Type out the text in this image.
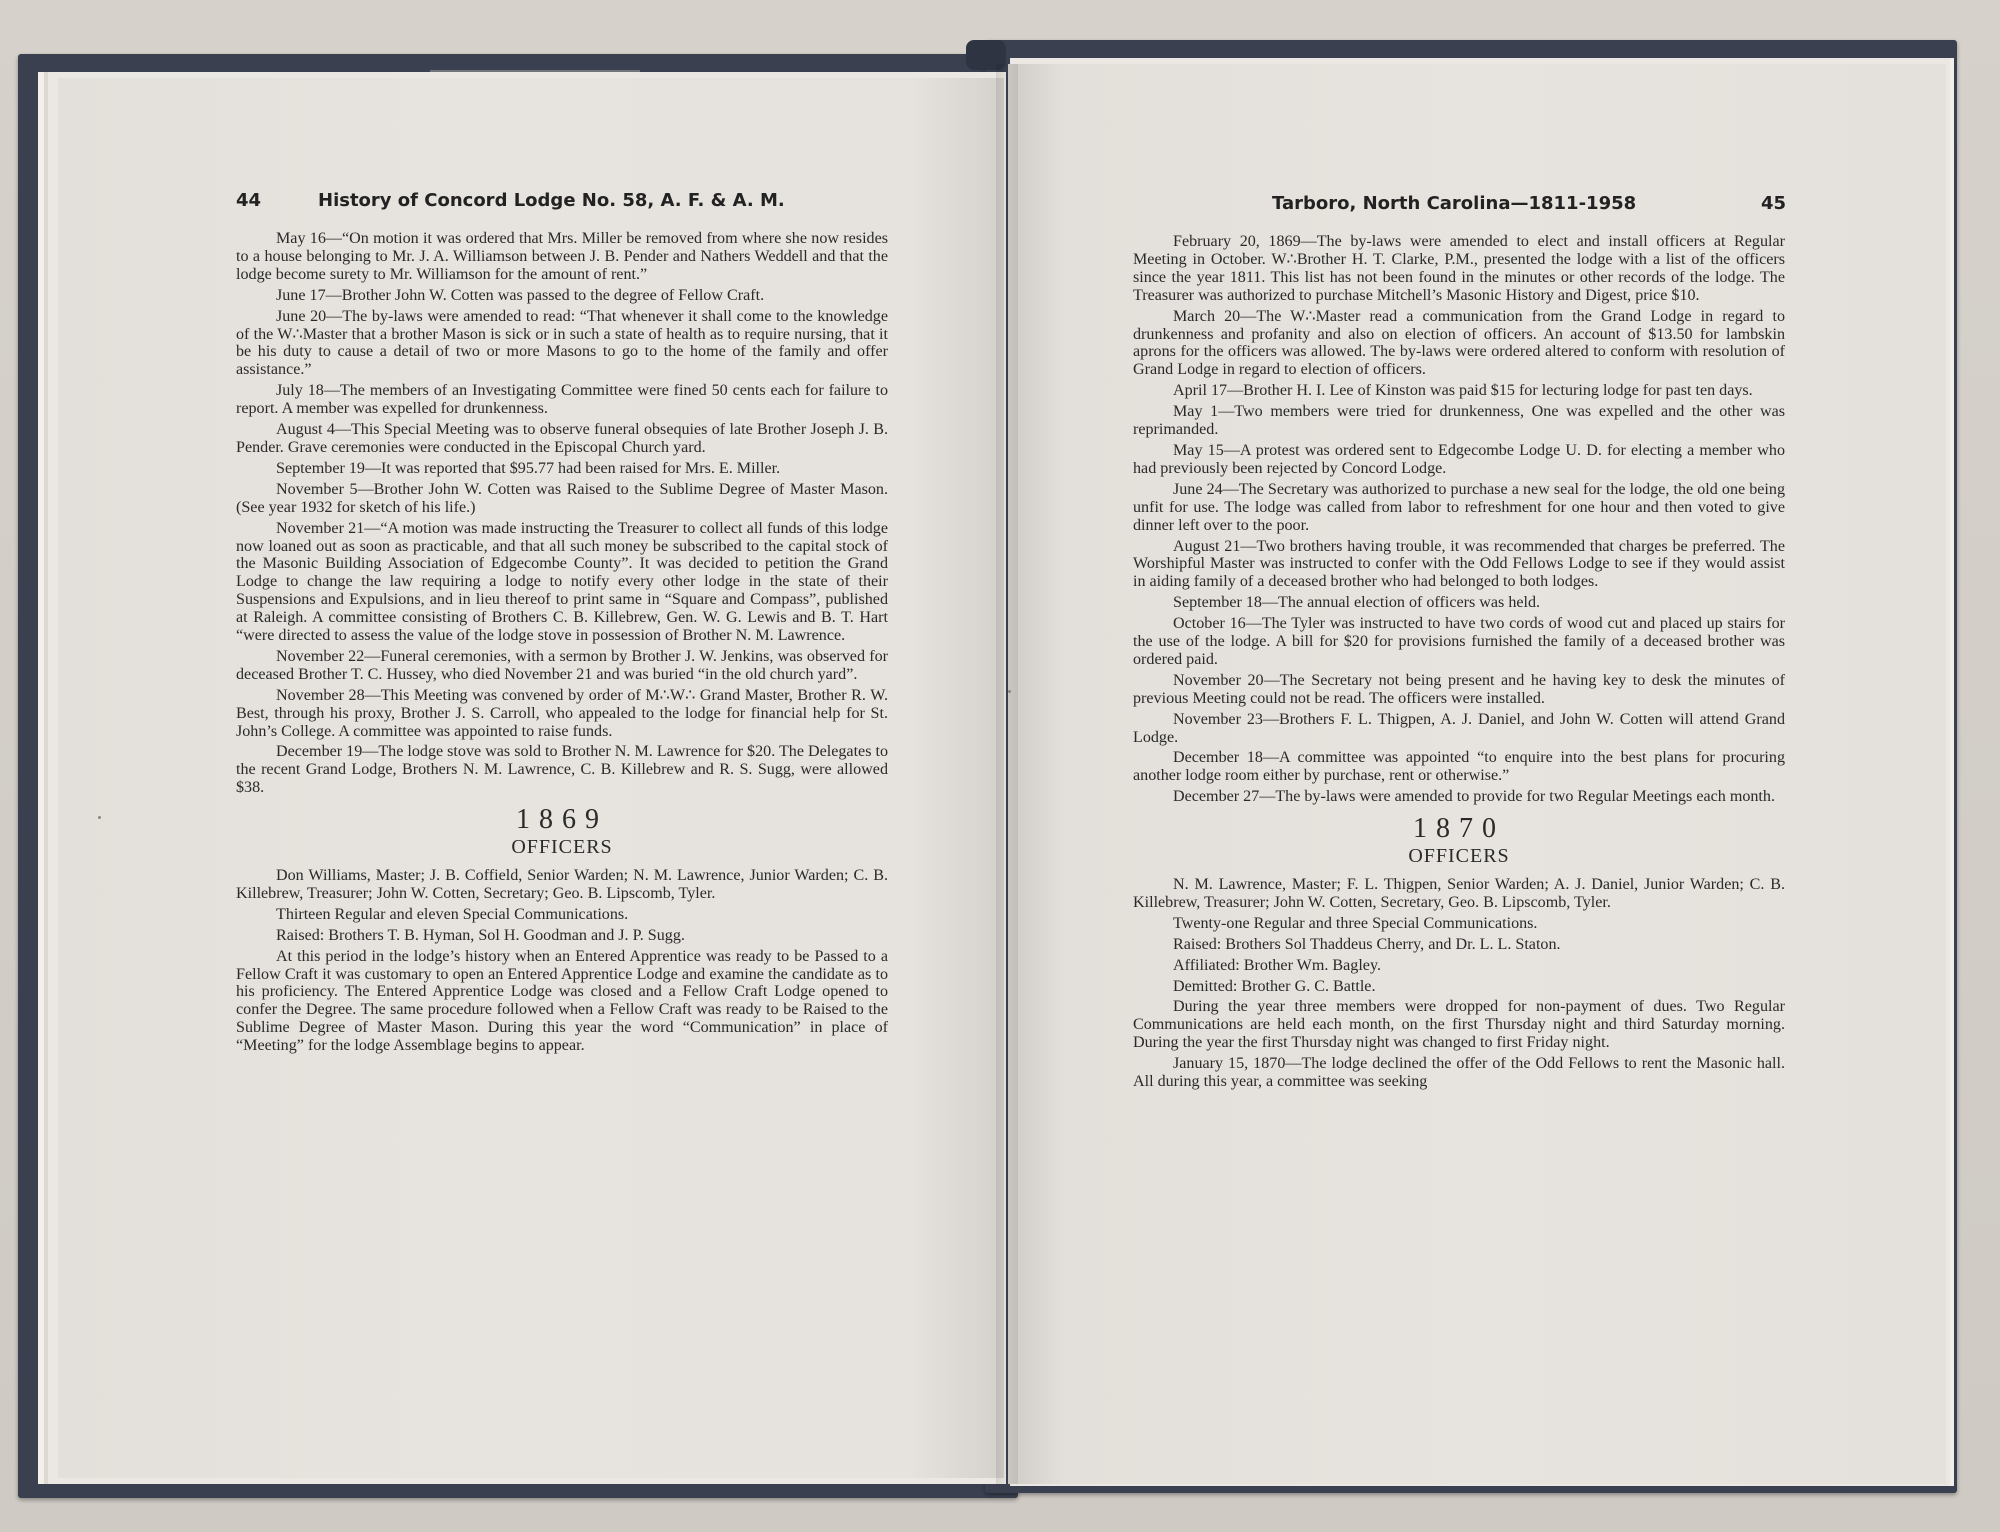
44	History of Concord Lodge No. 58, A. F. & A. M.

May 16—“On motion it was ordered that Mrs. Miller be removed from where she now resides to a house belonging to Mr. J. A. Williamson between J. B. Pender and Nathers Weddell and that the lodge become surety to Mr. Williamson for the amount of rent.”

June 17—Brother John W. Cotten was passed to the degree of Fellow Craft.

June 20—The by-laws were amended to read: “That whenever it shall come to the knowledge of the W∴Master that a brother Mason is sick or in such a state of health as to require nursing, that it be his duty to cause a detail of two or more Masons to go to the home of the family and offer assistance.”

July 18—The members of an Investigating Committee were fined 50 cents each for failure to report. A member was expelled for drunkenness.

August 4—This Special Meeting was to observe funeral obsequies of late Brother Joseph J. B. Pender. Grave ceremonies were conducted in the Episcopal Church yard.

September 19—It was reported that $95.77 had been raised for Mrs. E. Miller.

November 5—Brother John W. Cotten was Raised to the Sublime Degree of Master Mason. (See year 1932 for sketch of his life.)

November 21—“A motion was made instructing the Treasurer to collect all funds of this lodge now loaned out as soon as practicable, and that all such money be subscribed to the capital stock of the Masonic Building Association of Edgecombe County”. It was decided to petition the Grand Lodge to change the law requiring a lodge to notify every other lodge in the state of their Suspensions and Expulsions, and in lieu thereof to print same in “Square and Compass”, published at Raleigh. A committee consisting of Brothers C. B. Killebrew, Gen. W. G. Lewis and B. T. Hart “were directed to assess the value of the lodge stove in possession of Brother N. M. Lawrence.

November 22—Funeral ceremonies, with a sermon by Brother J. W. Jenkins, was observed for deceased Brother T. C. Hussey, who died November 21 and was buried “in the old church yard”.

November 28—This Meeting was convened by order of M∴W∴ Grand Master, Brother R. W. Best, through his proxy, Brother J. S. Carroll, who appealed to the lodge for financial help for St. John’s College. A committee was appointed to raise funds.

December 19—The lodge stove was sold to Brother N. M. Lawrence for $20. The Delegates to the recent Grand Lodge, Brothers N. M. Lawrence, C. B. Killebrew and R. S. Sugg, were allowed $38.

1869
OFFICERS

Don Williams, Master; J. B. Coffield, Senior Warden; N. M. Lawrence, Junior Warden; C. B. Killebrew, Treasurer; John W. Cotten, Secretary; Geo. B. Lipscomb, Tyler.

Thirteen Regular and eleven Special Communications.

Raised: Brothers T. B. Hyman, Sol H. Goodman and J. P. Sugg.

At this period in the lodge’s history when an Entered Apprentice was ready to be Passed to a Fellow Craft it was customary to open an Entered Apprentice Lodge and examine the candidate as to his proficiency. The Entered Apprentice Lodge was closed and a Fellow Craft Lodge opened to confer the Degree. The same procedure followed when a Fellow Craft was ready to be Raised to the Sublime Degree of Master Mason. During this year the word “Communication” in place of “Meeting” for the lodge Assemblage begins to appear.

Tarboro, North Carolina—1811-1958	45

February 20, 1869—The by-laws were amended to elect and install officers at Regular Meeting in October. W∴Brother H. T. Clarke, P.M., presented the lodge with a list of the officers since the year 1811. This list has not been found in the minutes or other records of the lodge. The Treasurer was authorized to purchase Mitchell’s Masonic History and Digest, price $10.

March 20—The W∴Master read a communication from the Grand Lodge in regard to drunkenness and profanity and also on election of officers. An account of $13.50 for lambskin aprons for the officers was allowed. The by-laws were ordered altered to conform with resolution of Grand Lodge in regard to election of officers.

April 17—Brother H. I. Lee of Kinston was paid $15 for lecturing lodge for past ten days.

May 1—Two members were tried for drunkenness, One was expelled and the other was reprimanded.

May 15—A protest was ordered sent to Edgecombe Lodge U. D. for electing a member who had previously been rejected by Concord Lodge.

June 24—The Secretary was authorized to purchase a new seal for the lodge, the old one being unfit for use. The lodge was called from labor to refreshment for one hour and then voted to give dinner left over to the poor.

August 21—Two brothers having trouble, it was recommended that charges be preferred. The Worshipful Master was instructed to confer with the Odd Fellows Lodge to see if they would assist in aiding family of a deceased brother who had belonged to both lodges.

September 18—The annual election of officers was held.

October 16—The Tyler was instructed to have two cords of wood cut and placed up stairs for the use of the lodge. A bill for $20 for provisions furnished the family of a deceased brother was ordered paid.

November 20—The Secretary not being present and he having key to desk the minutes of previous Meeting could not be read. The officers were installed.

November 23—Brothers F. L. Thigpen, A. J. Daniel, and John W. Cotten will attend Grand Lodge.

December 18—A committee was appointed “to enquire into the best plans for procuring another lodge room either by purchase, rent or otherwise.”

December 27—The by-laws were amended to provide for two Regular Meetings each month.

1870
OFFICERS

N. M. Lawrence, Master; F. L. Thigpen, Senior Warden; A. J. Daniel, Junior Warden; C. B. Killebrew, Treasurer; John W. Cotten, Secretary, Geo. B. Lipscomb, Tyler.

Twenty-one Regular and three Special Communications.

Raised: Brothers Sol Thaddeus Cherry, and Dr. L. L. Staton.

Affiliated: Brother Wm. Bagley.

Demitted: Brother G. C. Battle.

During the year three members were dropped for non-payment of dues. Two Regular Communications are held each month, on the first Thursday night and third Saturday morning. During the year the first Thursday night was changed to first Friday night.

January 15, 1870—The lodge declined the offer of the Odd Fellows to rent the Masonic hall. All during this year, a committee was seeking
